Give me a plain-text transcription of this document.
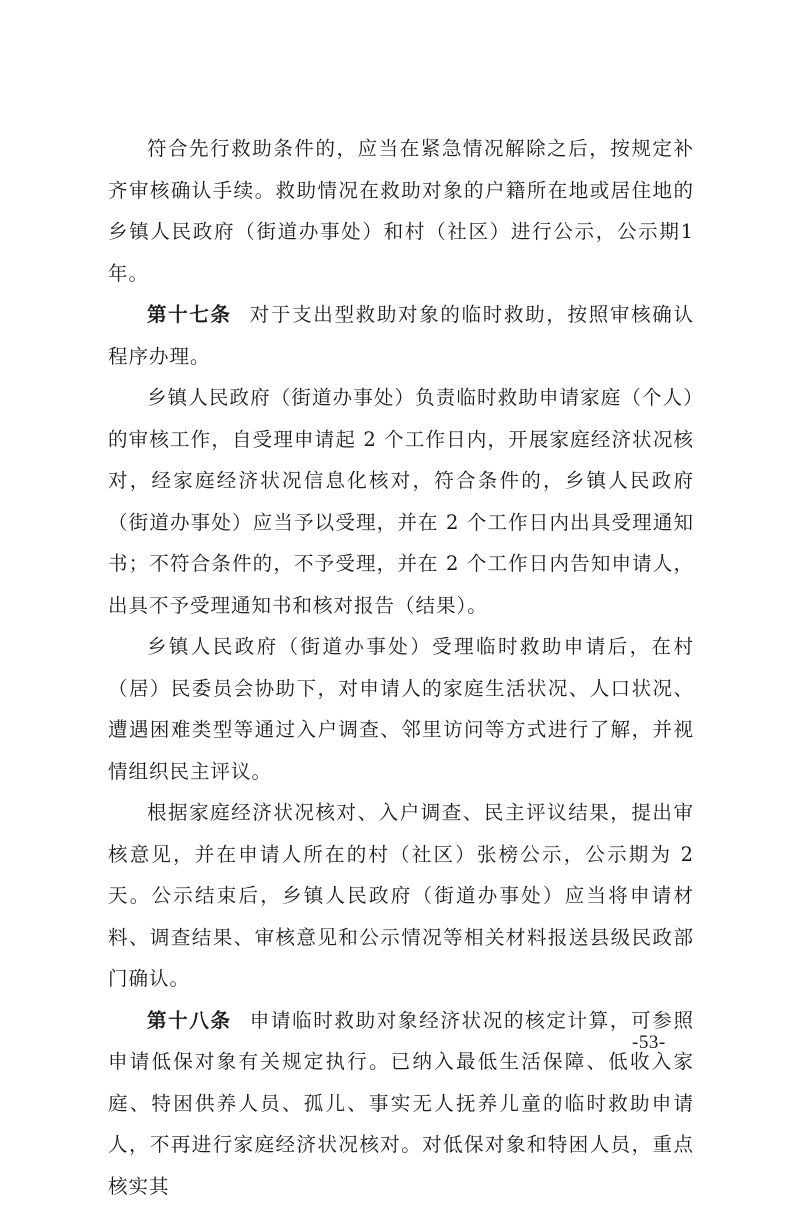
符合先行救助条件的，应当在紧急情况解除之后，按规定补齐审核确认手续。救助情况在救助对象的户籍所在地或居住地的乡镇人民政府（街道办事处）和村（社区）进行公示，公示期1年。

第十七条 对于支出型救助对象的临时救助，按照审核确认程序办理。

乡镇人民政府（街道办事处）负责临时救助申请家庭（个人）的审核工作，自受理申请起 2 个工作日内，开展家庭经济状况核对，经家庭经济状况信息化核对，符合条件的，乡镇人民政府（街道办事处）应当予以受理，并在 2 个工作日内出具受理通知书；不符合条件的，不予受理，并在 2 个工作日内告知申请人，出具不予受理通知书和核对报告（结果）。

乡镇人民政府（街道办事处）受理临时救助申请后，在村（居）民委员会协助下，对申请人的家庭生活状况、人口状况、遭遇困难类型等通过入户调查、邻里访问等方式进行了解，并视情组织民主评议。

根据家庭经济状况核对、入户调查、民主评议结果，提出审核意见，并在申请人所在的村（社区）张榜公示，公示期为 2 天。公示结束后，乡镇人民政府（街道办事处）应当将申请材料、调查结果、审核意见和公示情况等相关材料报送县级民政部门确认。

第十八条 申请临时救助对象经济状况的核定计算，可参照申请低保对象有关规定执行。已纳入最低生活保障、低收入家庭、特困供养人员、孤儿、事实无人抚养儿童的临时救助申请人，不再进行家庭经济状况核对。对低保对象和特困人员，重点核实其

-53-
